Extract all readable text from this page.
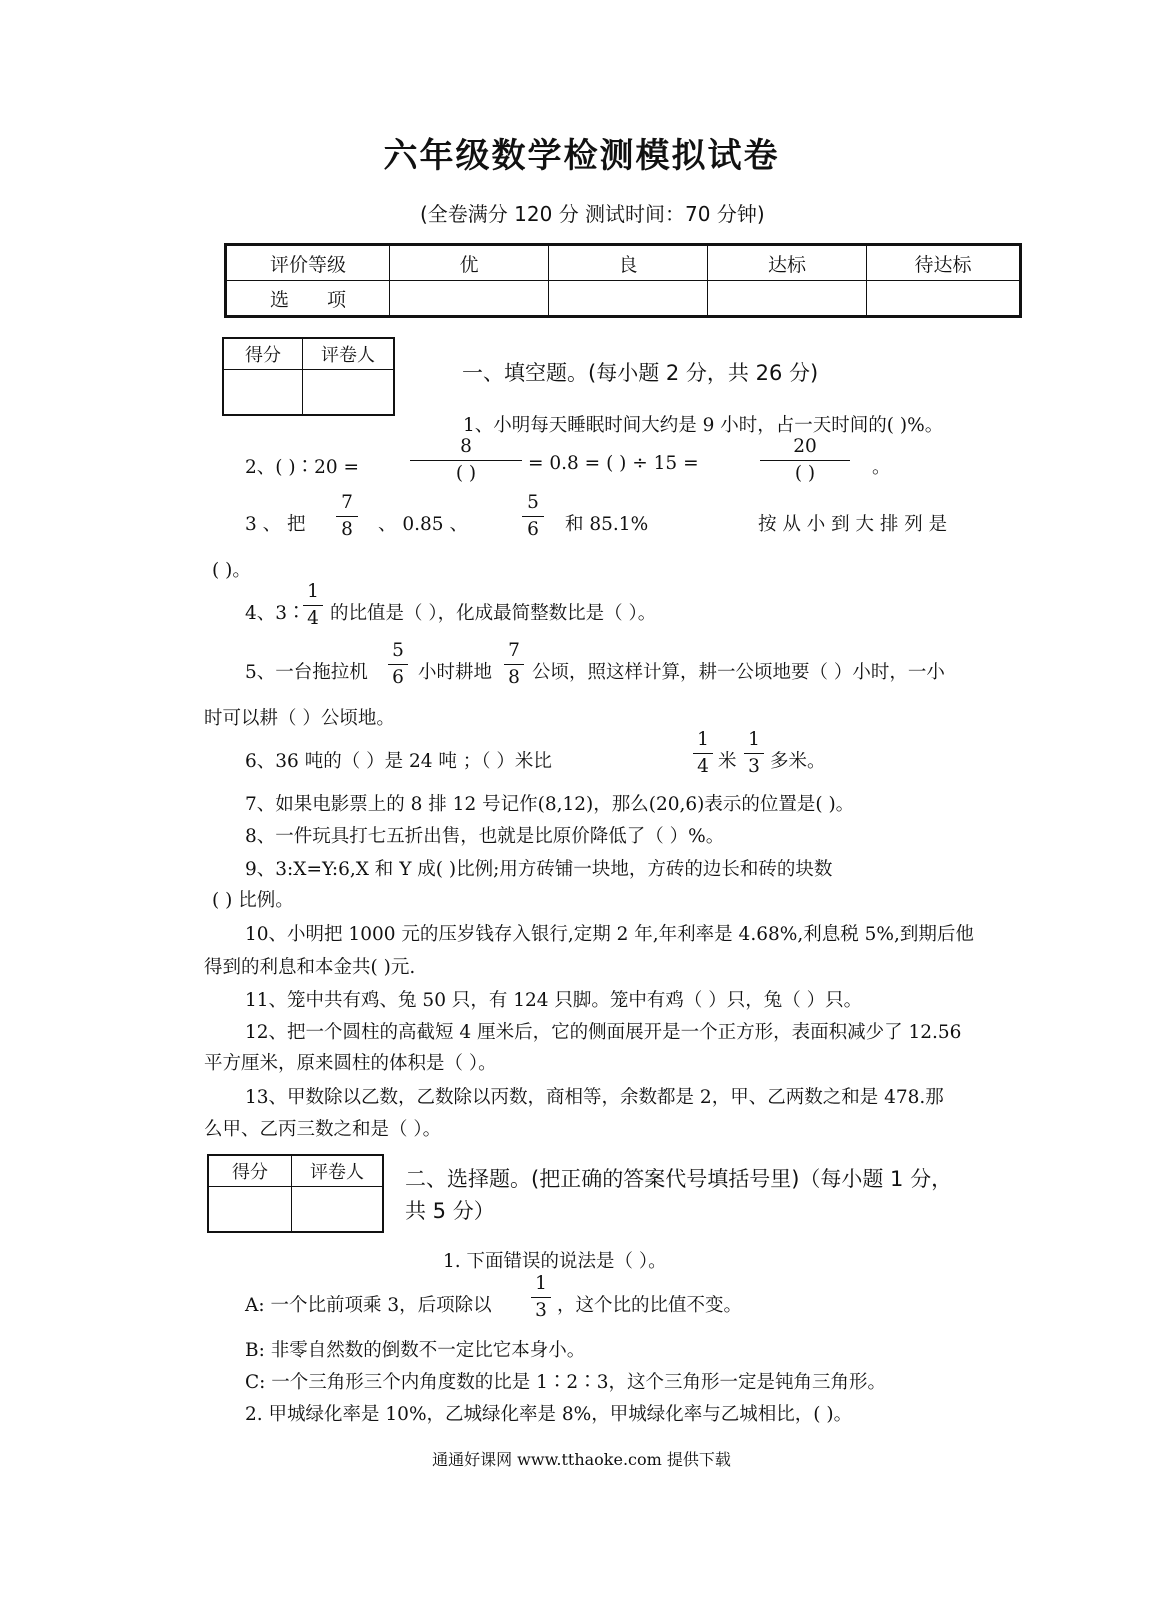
六年级数学检测模拟试卷
(全卷满分 120 分 测试时间：70 分钟)
评价等级	优	良	达标	待达标
选　　项				
得分	评卷人

一、填空题。(每小题 2 分，共 26 分)
1、小明每天睡眠时间大约是 9 小时，占一天时间的( )%。
2、( )∶20 =
8
( )	= 0.8 = ( ) ÷ 15 =
20
( )	。
3 、 把 $\frac{7}{8}$ 、 0.85 、	$\frac{5}{6}$ 和 85.1%	按 从 小 到 大 排 列 是
( )。
4、3∶
$\frac{1}{4}$ 的比值是（ ），化成最简整数比是（ ）。
5、一台拖拉机 $\frac{5}{6}$ 小时耕地 $\frac{7}{8}$ 公顷，照这样计算，耕一公顷地要（ ）小时，一小
时可以耕（ ）公顷地。
6、36 吨的（ ）是 24 吨 ；（ ）米比	$\frac{1}{4}$ 米 $\frac{1}{3}$ 多米。
7、如果电影票上的 8 排 12 号记作(8,12)，那么(20,6)表示的位置是( )。
8、一件玩具打七五折出售，也就是比原价降低了（ ）%。
9、3:X=Y:6,X 和 Y 成( )比例;用方砖铺一块地，方砖的边长和砖的块数
( ) 比例。
10、小明把 1000 元的压岁钱存入银行,定期 2 年,年利率是 4.68%,利息税 5%,到期后他
得到的利息和本金共( )元.
11、笼中共有鸡、兔 50 只，有 124 只脚。笼中有鸡（ ）只，兔（ ）只。
12、把一个圆柱的高截短 4 厘米后，它的侧面展开是一个正方形，表面积减少了 12.56
平方厘米，原来圆柱的体积是（ ）。
13、甲数除以乙数，乙数除以丙数，商相等，余数都是 2，甲、乙两数之和是 478.那
么甲、乙丙三数之和是（ ）。
得分	评卷人
	二、选择题。(把正确的答案代号填括号里)（每小题 1 分，
共 5 分）
1. 下面错误的说法是（ ）。
A: 一个比前项乘 3，后项除以 $\frac{1}{3}$ ，这个比的比值不变。
B: 非零自然数的倒数不一定比它本身小。
C: 一个三角形三个内角度数的比是 1∶2∶3，这个三角形一定是钝角三角形。
2. 甲城绿化率是 10%，乙城绿化率是 8%，甲城绿化率与乙城相比，( )。
通通好课网 www.tthaoke.com 提供下载
